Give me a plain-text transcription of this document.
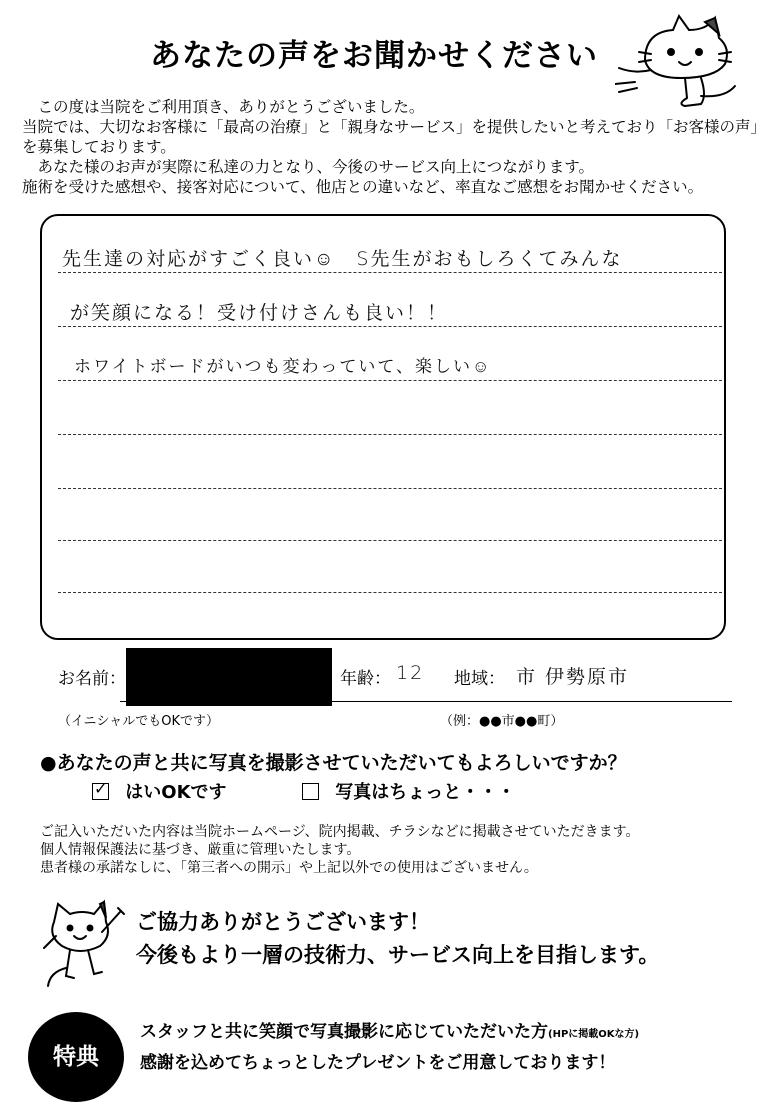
あなたの声をお聞かせください

この度は当院をご利用頂き、ありがとうございました。

当院では、大切なお客様に「最高の治療」と「親身なサービス」を提供したいと考えており「お客様の声」を募集しております。

あなた様のお声が実際に私達の力となり、今後のサービス向上につながります。

施術を受けた感想や、接客対応について、他店との違いなど、率直なご感想をお聞かせください。

先生達の対応がすごく良い☺　S先生がおもしろくてみんな
が笑顔になる！受け付けさんも良い！！
ホワイトボードがいつも変わっていて、楽しい☺
お名前：	年齢： 12 地域： 市 伊勢原市
（イニシャルでもOKです）	（例：●●市●●町）
●あなたの声と共に写真を撮影させていただいてもよろしいですか？
✓ はいOKです	写真はちょっと・・・

ご記入いただいた内容は当院ホームページ、院内掲載、チラシなどに掲載させていただきます。

個人情報保護法に基づき、厳重に管理いたします。

患者様の承諾なしに、「第三者への開示」や上記以外での使用はございません。

ご協力ありがとうございます！

今後もより一層の技術力、サービス向上を目指します。

特典

スタッフと共に笑顔で写真撮影に応じていただいた方(HPに掲載OKな方)

感謝を込めてちょっとしたプレゼントをご用意しております！
